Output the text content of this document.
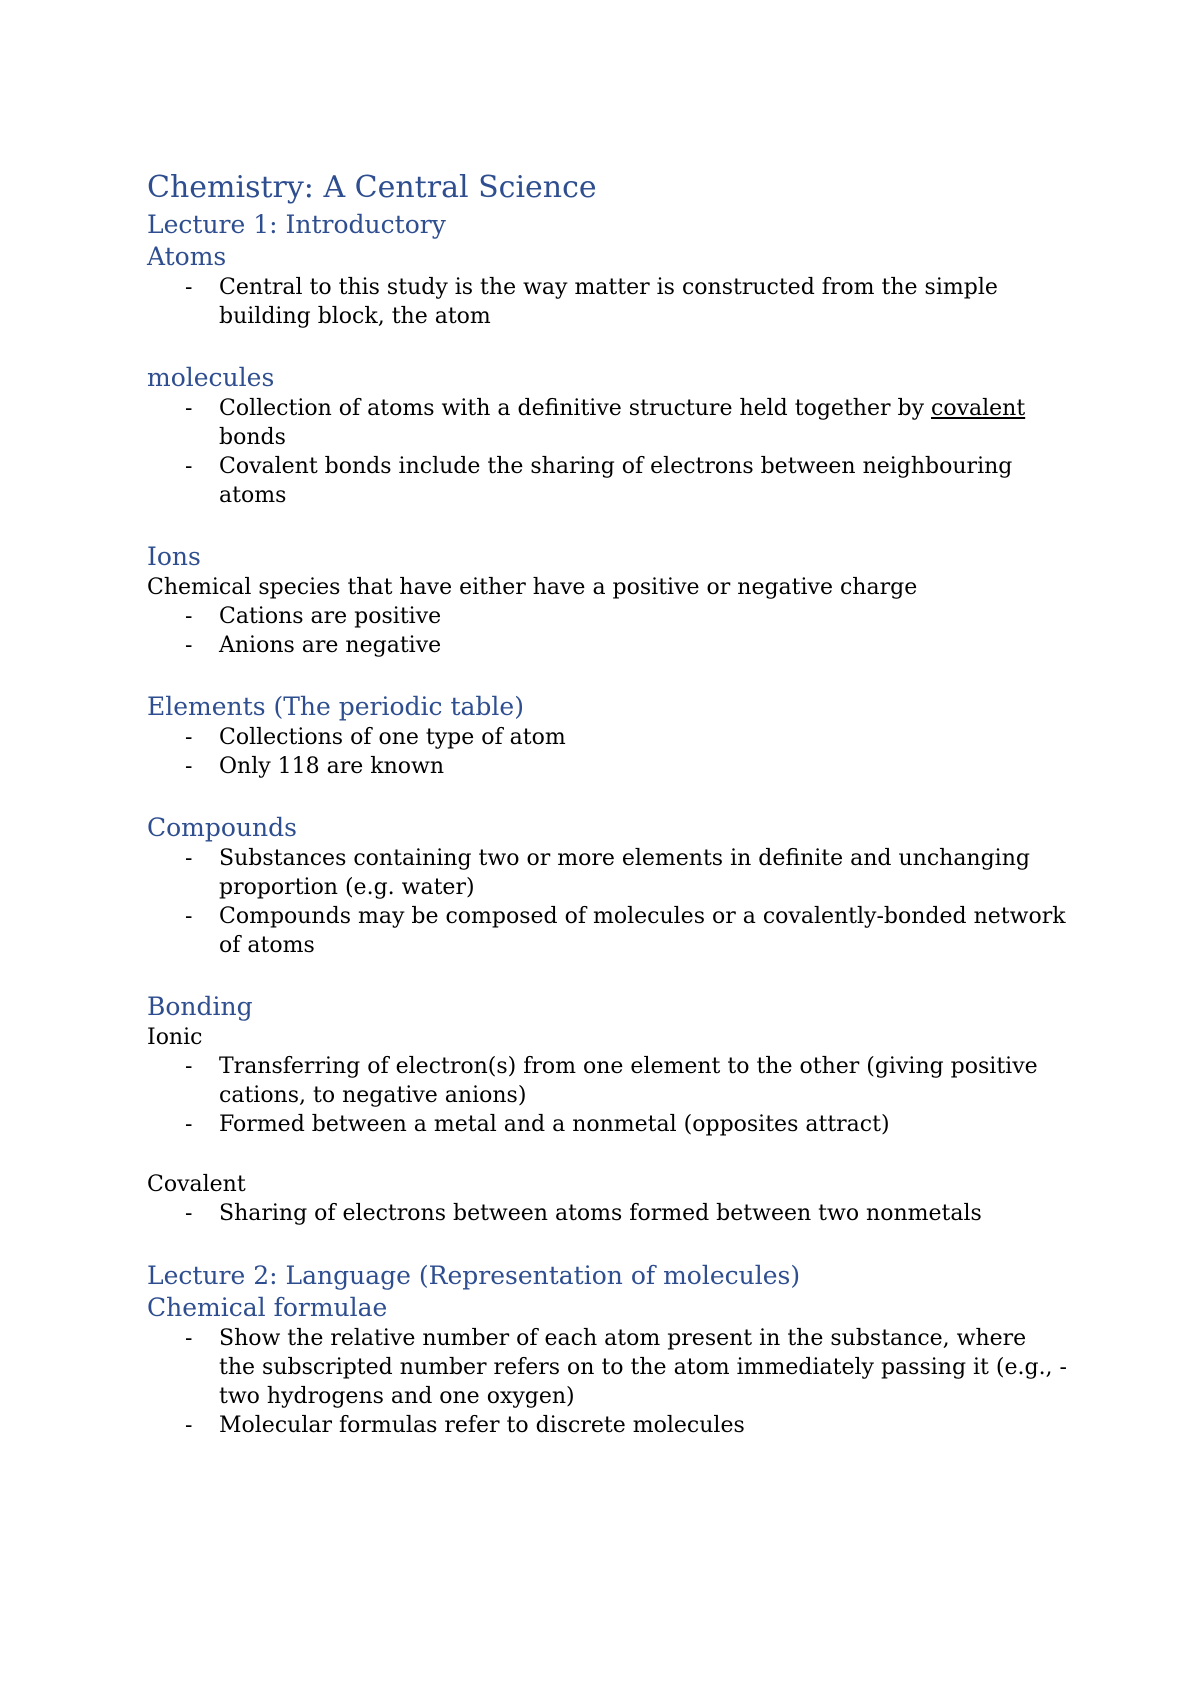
Chemistry: A Central Science
Lecture 1: Introductory
Atoms
- Central to this study is the way matter is constructed from the simple building block, the atom
molecules
- Collection of atoms with a definitive structure held together by covalent bonds
- Covalent bonds include the sharing of electrons between neighbouring atoms
Ions

Chemical species that have either have a positive or negative charge

- Cations are positive
- Anions are negative
Elements (The periodic table)
- Collections of one type of atom
- Only 118 are known
Compounds
- Substances containing two or more elements in definite and unchanging proportion (e.g. water)
- Compounds may be composed of molecules or a covalently-bonded network of atoms
Bonding

Ionic

- Transferring of electron(s) from one element to the other (giving positive cations, to negative anions)
- Formed between a metal and a nonmetal (opposites attract)

Covalent

- Sharing of electrons between atoms formed between two nonmetals
Lecture 2: Language (Representation of molecules)
Chemical formulae
- Show the relative number of each atom present in the substance, where the subscripted number refers on to the atom immediately passing it (e.g., - two hydrogens and one oxygen)
- Molecular formulas refer to discrete molecules
